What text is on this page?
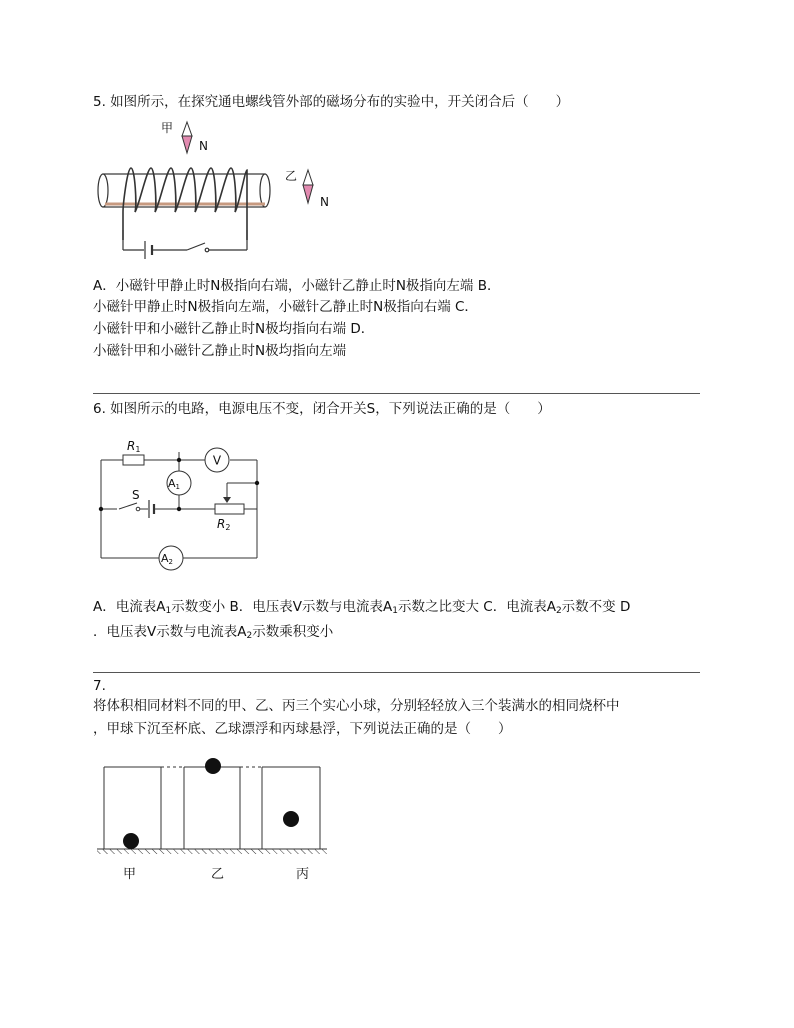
5. 如图所示，在探究通电螺线管外部的磁场分布的实验中，开关闭合后（　　）
甲
N
乙
N
A．小磁针甲静止时N极指向右端，小磁针乙静止时N极指向左端 B．
小磁针甲静止时N极指向左端，小磁针乙静止时N极指向右端 C．
小磁针甲和小磁针乙静止时N极均指向右端 D．
小磁针甲和小磁针乙静止时N极均指向左端
6. 如图所示的电路，电源电压不变，闭合开关S，下列说法正确的是（　　）
R1
V
A1
S
R2
A2
A．电流表$A_1$示数变小 B．电压表V示数与电流表$A_1$示数之比变大 C．电流表$A_2$示数不变 D
．电压表V示数与电流表$A_2$示数乘积变小
7.
将体积相同材料不同的甲、乙、丙三个实心小球，分别轻轻放入三个装满水的相同烧杯中
，甲球下沉至杯底、乙球漂浮和丙球悬浮，下列说法正确的是（　　）
甲	乙	丙
